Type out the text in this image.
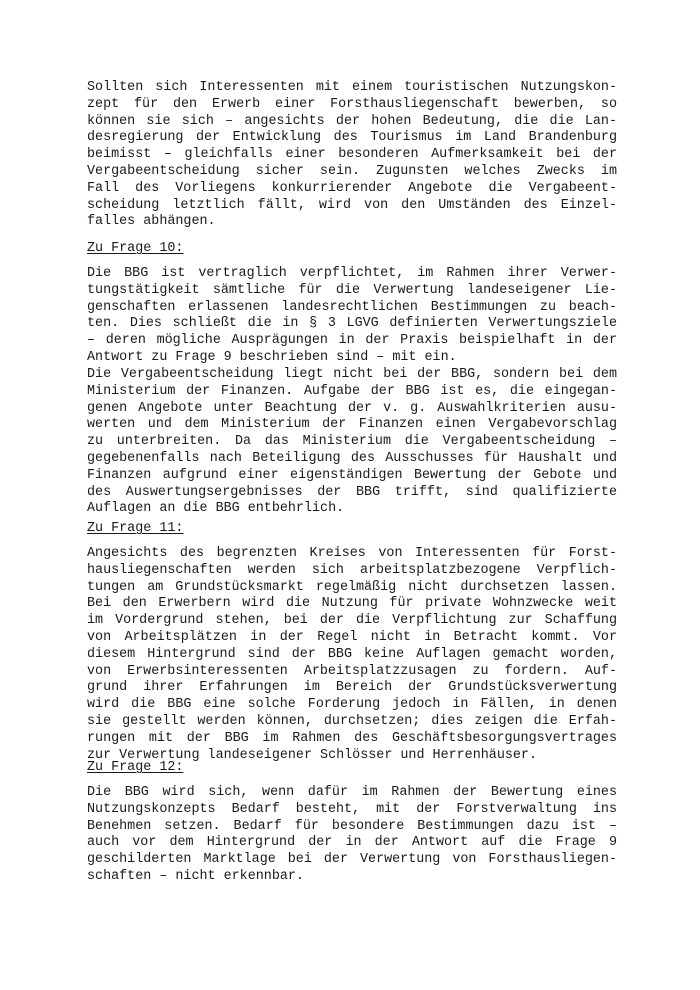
Sollten sich Interessenten mit einem touristischen Nutzungskon-
zept für den Erwerb einer Forsthausliegenschaft bewerben, so
können sie sich – angesichts der hohen Bedeutung, die die Lan-
desregierung der Entwicklung des Tourismus im Land Brandenburg
beimisst – gleichfalls einer besonderen Aufmerksamkeit bei der
Vergabeentscheidung sicher sein. Zugunsten welches Zwecks im
Fall des Vorliegens konkurrierender Angebote die Vergabeent-
scheidung letztlich fällt, wird von den Umständen des Einzel-
falles abhängen.
Zu Frage 10:
Die BBG ist vertraglich verpflichtet, im Rahmen ihrer Verwer-
tungstätigkeit sämtliche für die Verwertung landeseigener Lie-
genschaften erlassenen landesrechtlichen Bestimmungen zu beach-
ten. Dies schließt die in § 3 LGVG definierten Verwertungsziele
– deren mögliche Ausprägungen in der Praxis beispielhaft in der
Antwort zu Frage 9 beschrieben sind – mit ein.
Die Vergabeentscheidung liegt nicht bei der BBG, sondern bei dem
Ministerium der Finanzen. Aufgabe der BBG ist es, die eingegan-
genen Angebote unter Beachtung der v. g. Auswahlkriterien ausu-
werten und dem Ministerium der Finanzen einen Vergabevorschlag
zu unterbreiten. Da das Ministerium die Vergabeentscheidung –
gegebenenfalls nach Beteiligung des Ausschusses für Haushalt und
Finanzen aufgrund einer eigenständigen Bewertung der Gebote und
des Auswertungsergebnisses der BBG trifft, sind qualifizierte
Auflagen an die BBG entbehrlich.
Zu Frage 11:
Angesichts des begrenzten Kreises von Interessenten für Forst-
hausliegenschaften werden sich arbeitsplatzbezogene Verpflich-
tungen am Grundstücksmarkt regelmäßig nicht durchsetzen lassen.
Bei den Erwerbern wird die Nutzung für private Wohnzwecke weit
im Vordergrund stehen, bei der die Verpflichtung zur Schaffung
von Arbeitsplätzen in der Regel nicht in Betracht kommt. Vor
diesem Hintergrund sind der BBG keine Auflagen gemacht worden,
von Erwerbsinteressenten Arbeitsplatzzusagen zu fordern. Auf-
grund ihrer Erfahrungen im Bereich der Grundstücksverwertung
wird die BBG eine solche Forderung jedoch in Fällen, in denen
sie gestellt werden können, durchsetzen; dies zeigen die Erfah-
rungen mit der BBG im Rahmen des Geschäftsbesorgungsvertrages
zur Verwertung landeseigener Schlösser und Herrenhäuser.
Zu Frage 12:
Die BBG wird sich, wenn dafür im Rahmen der Bewertung eines
Nutzungskonzepts Bedarf besteht, mit der Forstverwaltung ins
Benehmen setzen. Bedarf für besondere Bestimmungen dazu ist –
auch vor dem Hintergrund der in der Antwort auf die Frage 9
geschilderten Marktlage bei der Verwertung von Forsthausliegen-
schaften – nicht erkennbar.
